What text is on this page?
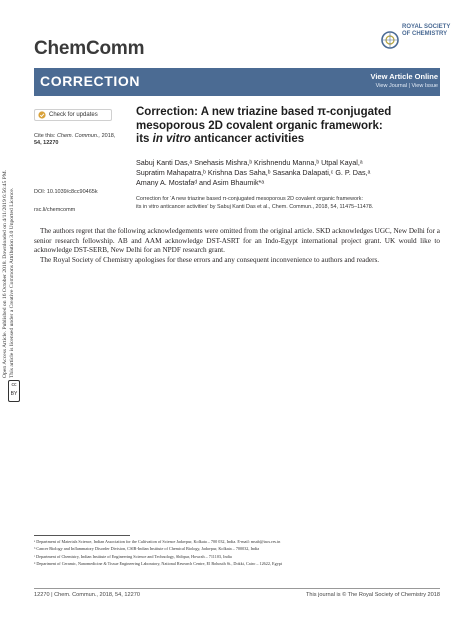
ChemComm
ROYAL SOCIETY
OF CHEMISTRY
CORRECTION	View Article Online
View Journal | View Issue
cc BY
Open Access Article. Published on 16 October 2018. Downloaded on 4/11/2019 6:56:45 PM. This article is licensed under a Creative Commons Attribution 3.0 Unported Licence.
Check for updates
Cite this: Chem. Commun., 2018,
54, 12270
DOI: 10.1039/c8cc90465k
rsc.li/chemcomm
Correction: A new triazine based π-conjugated
mesoporous 2D covalent organic framework:
its in vitro anticancer activities
Sabuj Kanti Das,ᵃ Snehasis Mishra,ᵇ Krishnendu Manna,ᵇ Utpal Kayal,ᵃ
Supratim Mahapatra,ᵇ Krishna Das Saha,ᵇ Sasanka Dalapati,ᶜ G. P. Das,ᵃ
Amany A. Mostafaᵈ and Asim Bhaumik*ᵃ
Correction for ‘A new triazine based π-conjugated mesoporous 2D covalent organic framework:
its in vitro anticancer activities’ by Sabuj Kanti Das et al., Chem. Commun., 2018, 54, 11475–11478.

The authors regret that the following acknowledgements were omitted from the original article. SKD acknowledges UGC, New Delhi for a senior research fellowship. AB and AAM acknowledge DST-ASRT for an Indo-Egypt international project grant. UK would like to acknowledge DST-SERB, New Delhi for an NPDF research grant.

The Royal Society of Chemistry apologises for these errors and any consequent inconvenience to authors and readers.

ᵃ Department of Materials Science, Indian Association for the Cultivation of Science Jadavpur, Kolkata – 700 032, India. E-mail: msab@iacs.res.in
ᵇ Cancer Biology and Inflammatory Disorder Division, CSIR-Indian Institute of Chemical Biology, Jadavpur, Kolkata – 700032, India
ᶜ Department of Chemistry, Indian Institute of Engineering Science and Technology, Shibpur, Howrah – 711103, India
ᵈ Department of Ceramic, Nanomedicine & Tissue Engineering Laboratory, National Research Centre, El Bohouth St., Dokki, Cairo – 12622, Egypt
12270 | Chem. Commun., 2018, 54, 12270	This journal is © The Royal Society of Chemistry 2018
